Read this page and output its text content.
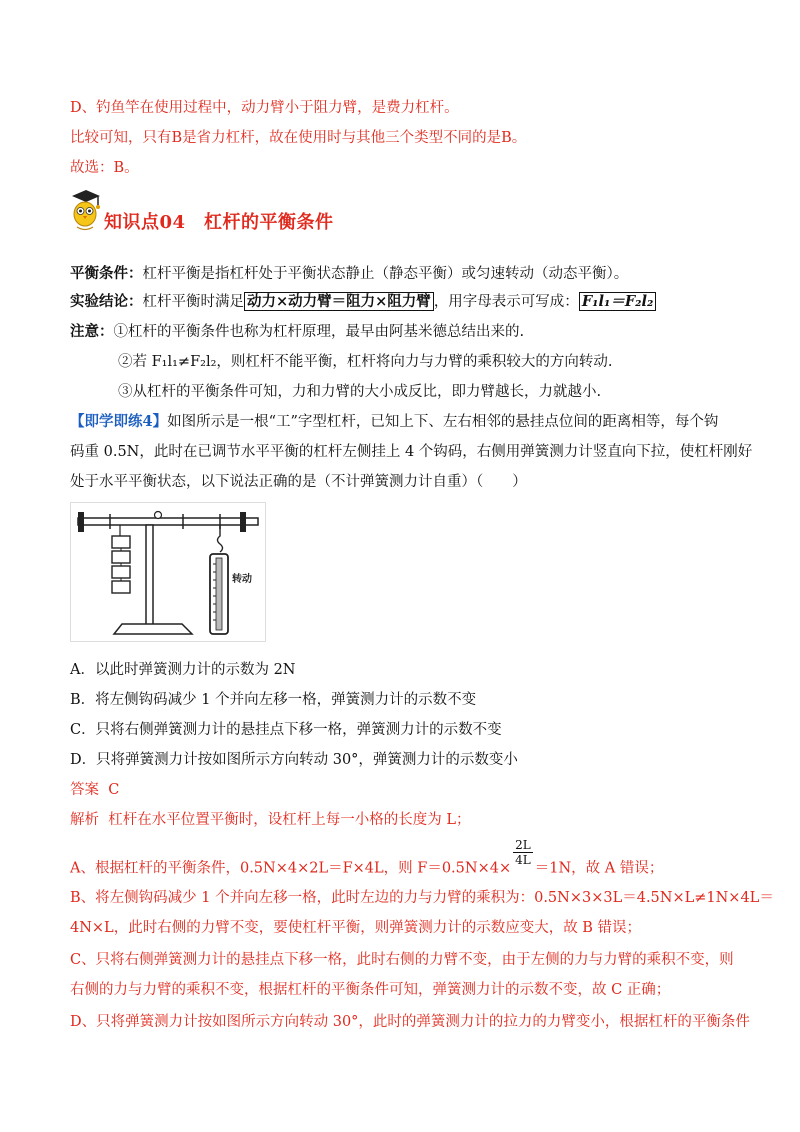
D、钓鱼竿在使用过程中，动力臂小于阻力臂，是费力杠杆。
比较可知，只有B是省力杠杆，故在使用时与其他三个类型不同的是B。
故选：B。
知识点04　杠杆的平衡条件
平衡条件：杠杆平衡是指杠杆处于平衡状态静止（静态平衡）或匀速转动（动态平衡）。
实验结论：杠杆平衡时满足 动力×动力臂＝阻力×阻力臂 ，用字母表示可写成： F₁l₁＝F₂l₂
注意：①杠杆的平衡条件也称为杠杆原理，最早由阿基米德总结出来的.
②若 F₁l₁≠F₂l₂，则杠杆不能平衡，杠杆将向力与力臂的乘积较大的方向转动.
③从杠杆的平衡条件可知，力和力臂的大小成反比，即力臂越长，力就越小.
【即学即练4】如图所示是一根“工”字型杠杆，已知上下、左右相邻的悬挂点位间的距离相等，每个钩
码重 0.5N，此时在已调节水平平衡的杠杆左侧挂上 4 个钩码，右侧用弹簧测力计竖直向下拉，使杠杆刚好
处于水平平衡状态，以下说法正确的是（不计弹簧测力计自重）（　　）
转动
A．以此时弹簧测力计的示数为 2N
B．将左侧钩码减少 1 个并向左移一格，弹簧测力计的示数不变
C．只将右侧弹簧测力计的悬挂点下移一格，弹簧测力计的示数不变
D．只将弹簧测力计按如图所示方向转动 30°，弹簧测力计的示数变小
答案 C
解析 杠杆在水平位置平衡时，设杠杆上每一小格的长度为 L；
A、根据杠杆的平衡条件，0.5N×4×2L＝F×4L，则 F＝0.5N×4×
$\frac{2L}{4L}=1N$，故 A 错误；
B、将左侧钩码减少 1 个并向左移一格，此时左边的力与力臂的乘积为：0.5N×3×3L＝4.5N×L≠1N×4L＝
4N×L，此时右侧的力臂不变，要使杠杆平衡，则弹簧测力计的示数应变大，故 B 错误；
C、只将右侧弹簧测力计的悬挂点下移一格，此时右侧的力臂不变，由于左侧的力与力臂的乘积不变，则
右侧的力与力臂的乘积不变，根据杠杆的平衡条件可知，弹簧测力计的示数不变，故 C 正确；
D、只将弹簧测力计按如图所示方向转动 30°，此时的弹簧测力计的拉力的力臂变小，根据杠杆的平衡条件
